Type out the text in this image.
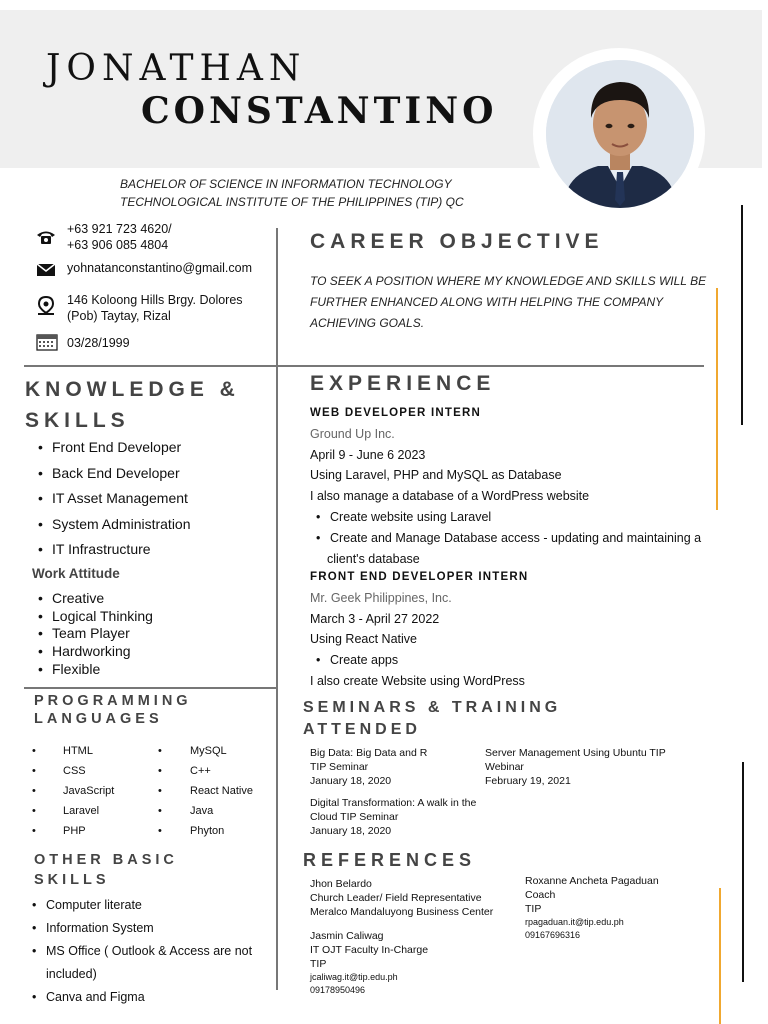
JONATHAN
CONSTANTINO
BACHELOR OF SCIENCE IN INFORMATION TECHNOLOGY
TECHNOLOGICAL INSTITUTE OF THE PHILIPPINES (TIP) QC
+63 921 723 4620/
+63 906 085 4804
yohnatanconstantino@gmail.com
146 Koloong Hills Brgy. Dolores
(Pob) Taytay, Rizal
03/28/1999
KNOWLEDGE &
SKILLS
• Front End Developer
• Back End Developer
• IT Asset Management
• System Administration
• IT Infrastructure
Work Attitude
• Creative
• Logical Thinking
• Team Player
• Hardworking
• Flexible
PROGRAMMING
LANGUAGES
•
•
•
•
•
HTML
CSS
JavaScript
Laravel
PHP
•
•
•
•
•
MySQL
C++
React Native
Java
Phyton
OTHER BASIC
SKILLS
• Computer literate
• Information System
• MS Office ( Outlook & Access are not
included)
• Canva and Figma
CAREER OBJECTIVE
TO SEEK A POSITION WHERE MY KNOWLEDGE AND SKILLS WILL BE
FURTHER ENHANCED ALONG WITH HELPING THE COMPANY
ACHIEVING GOALS.
EXPERIENCE
WEB DEVELOPER INTERN
Ground Up Inc.
April 9 - June 6 2023
Using Laravel, PHP and MySQL as Database
I also manage a database of a WordPress website
• Create website using Laravel
• Create and Manage Database access - updating and maintaining a
client's database
FRONT END DEVELOPER INTERN
Mr. Geek Philippines, Inc.
March 3 - April 27 2022
Using React Native
• Create apps
I also create Website using WordPress
SEMINARS & TRAINING
ATTENDED
Big Data: Big Data and R
TIP Seminar
January 18, 2020
Server Management Using Ubuntu TIP
Webinar
February 19, 2021
Digital Transformation: A walk in the
Cloud TIP Seminar
January 18, 2020
REFERENCES
Jhon Belardo
Church Leader/ Field Representative
Meralco Mandaluyong Business Center
Jasmin Caliwag
IT OJT Faculty In-Charge
TIP
jcaliwag.it@tip.edu.ph
09178950496
Roxanne Ancheta Pagaduan
Coach
TIP
rpagaduan.it@tip.edu.ph
09167696316
